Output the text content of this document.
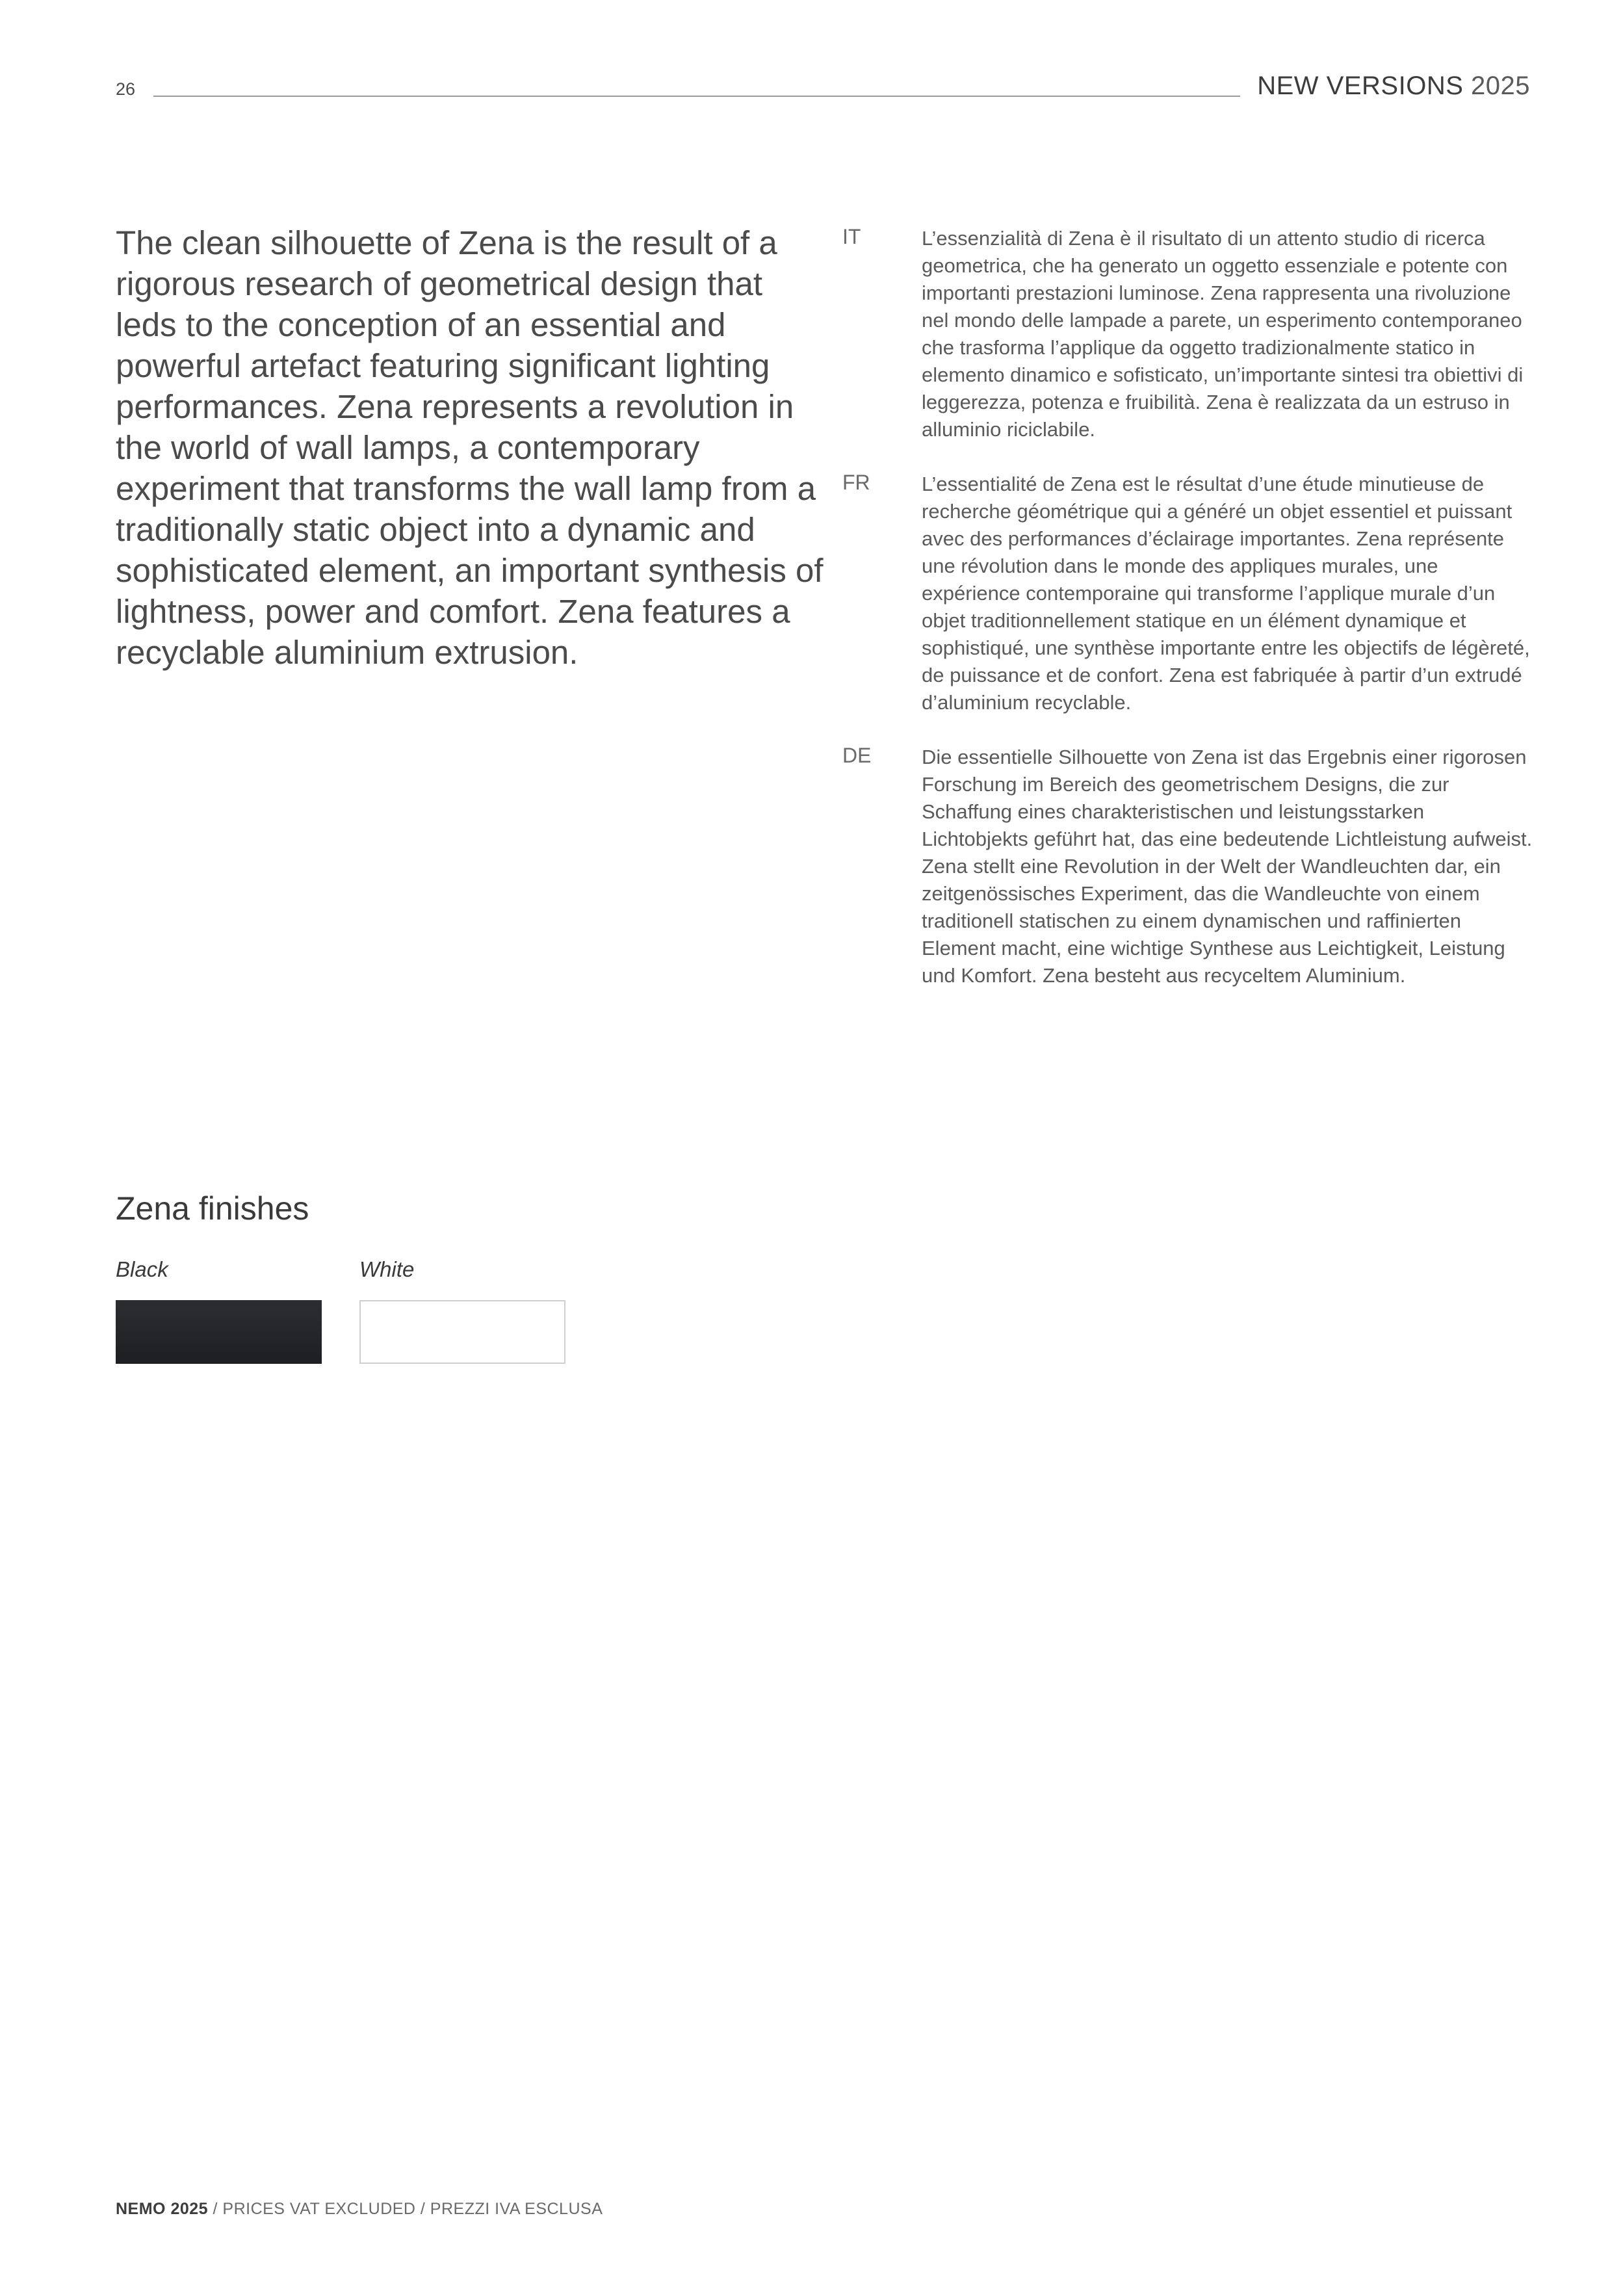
26	NEW VERSIONS 2025
The clean silhouette of Zena is the result of a rigorous research of geometrical design that leds to the conception of an essential and powerful artefact featuring significant lighting performances. Zena represents a revolution in the world of wall lamps, a contemporary experiment that transforms the wall lamp from a traditionally static object into a dynamic and sophisticated element, an important synthesis of lightness, power and comfort. Zena features a recyclable aluminium extrusion.
IT	L’essenzialità di Zena è il risultato di un attento studio di ricerca geometrica, che ha generato un oggetto essenziale e potente con importanti prestazioni luminose. Zena rappresenta una rivoluzione nel mondo delle lampade a parete, un esperimento contemporaneo che trasforma l’applique da oggetto tradizionalmente statico in elemento dinamico e sofisticato, un’importante sintesi tra obiettivi di leggerezza, potenza e fruibilità. Zena è realizzata da un estruso in alluminio riciclabile.
FR	L’essentialité de Zena est le résultat d’une étude minutieuse de recherche géométrique qui a généré un objet essentiel et puissant avec des performances d’éclairage importantes. Zena représente une révolution dans le monde des appliques murales, une expérience contemporaine qui transforme l’applique murale d’un objet traditionnellement statique en un élément dynamique et sophistiqué, une synthèse importante entre les objectifs de légèreté, de puissance et de confort. Zena est fabriquée à partir d’un extrudé d’aluminium recyclable.
DE	Die essentielle Silhouette von Zena ist das Ergebnis einer rigorosen Forschung im Bereich des geometrischem Designs, die zur Schaffung eines charakteristischen und leistungsstarken Lichtobjekts geführt hat, das eine bedeutende Lichtleistung aufweist. Zena stellt eine Revolution in der Welt der Wandleuchten dar, ein zeitgenössisches Experiment, das die Wandleuchte von einem traditionell statischen zu einem dynamischen und raffinierten Element macht, eine wichtige Synthese aus Leichtigkeit, Leistung und Komfort. Zena besteht aus recyceltem Aluminium.
Zena finishes
Black	White
NEMO 2025 / PRICES VAT EXCLUDED / PREZZI IVA ESCLUSA
